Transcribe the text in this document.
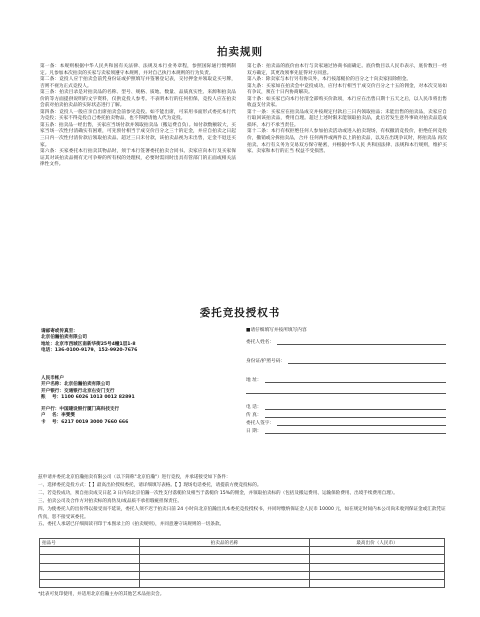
拍卖规则

第一条：本规则根据中华人民共和国有关法律、法规及本行业务章程，参照国际通行惯例制定。凡参加本次拍卖的买家与卖家须遵守本规则，并对自己执行本规则的行为负责。

第二条：竞投人应于拍卖会前凭身份证或护照填写并签署登记表，交付押金并领取竞买号牌，否则不视为正式竞投人。

第三条：拍卖目录是对拍卖品的名称、型号、规格、质地、数量、品质真实性、来源和拍卖品价的等方面提供说明的文字资料，仅供竞投人参考。不表明本行的任何担保，竞投人应在拍卖会前对拍卖拍卖品的实际状态进行了解。

第四条：竞投人一般应亲自出席拍卖会前参见竞投。如不能出席，可采用书面形式委托本行代为竞投；买家不得竞投自己委托拍卖物品，也不得聘请他人代为竞投。

第五条：拍卖品一经出售，买家应当场付款并领取拍卖品（搬运费自负）。如付款数额较大，买家当场一次性付清确实有困难，可先预付相当于成交价百分之三十的定金，并应自拍卖之日起三日内一次性付清价款后领取拍卖品。超过三日未付款，该拍卖品视为未出售，定金不退还买家。

第六条：买家委托本行拍卖其物品时，须于本行签署委托拍卖合同书。卖家应向本行及买家保证其对该拍卖品拥有无可争辩的所有权的处理权，必要时需同时出具有管部门的正面或相关法律性文件。

第七条：拍卖品的底价由本行与卖家通过协商书面确定。底价数目以人民币表示，底价数目一经双方确定，其更改须事先征得对方同意。

第八条：除卖家与本行另有协议外，本行按落槌价的百分之十向卖家扣除佣金。

第九条：买家如在拍卖会中竞投成功，应付本行相当于成交价百分之十五的佣金，对本次交易如有争议，须在十日内协商解决。

第十条：如买家已向本行付清全部购买价款项，本行应在出售日期十五天之后，以人民币将出售收益支付卖家。

第十一条：买家应在拍卖品成交并按规定付款后三日内领取拍品；未能出售的拍卖品，卖家应自行取回该拍卖品，费用自理。超过上述时限未能领取拍卖品，此后若发生意外事故对拍卖品造成损坏，本行不承当责任。

第十二条：本行有权拒绝任何人参加拍卖活动或进入拍卖现场，有权撤消竞投价，拒绝任何竞投价，撤销或分拆拍卖品，合并 任何两件或两件以上的拍卖品，以及在出现争议时，将拍卖品 再次拍卖。本行有义务为交易双方保守秘密，并根据中华人民 共和国法律、法规和本行规则，维护买家、卖家和本行的正当 权益不受损害。

委托竞投授权书
请邮寄或传真至：
北京伯瀚拍卖有限公司
地址：北京市西城区南新华街25号4幢1层1-8
电话：136-0100-9179、152-9920-7676
人民币帐户
开户名称：北京伯瀚拍卖有限公司
开户银行：交通银行北京右安门支行
账    号：1100 6026 1013 0012 82891
开户行：中国建设银行厦门高科技支行
户    名：李雯雯
卡    号：6217 0019 3000 7660 666
■请仔细填写并按所填写内容
委托人姓名：
身份证/护照号码：
地 址：
电 话：
传 真：
委托人签字：
日 期：
兹申请并委托北京伯瀚拍卖有限公司（以下简称"北京伯瀚"）进行竞投，并承诺接受如下条件：
一、选择委托竞投方式：【 】最高出价授权委托，请详细填写表格。【 】现场电话委托，请提前方便竞投标的。
二、若竞投成功，须自拍卖成交日起 3 日内向北京伯瀚一次性支付落槌价及相当于落槌价 15%的佣金，并领取拍卖标的（包括及搬运费用、运输保险费用、出境手续费用自理）。
三、拍卖公司及合作方对拍卖标的真伪及/或品质不承担瑕疵担保责任。
四、为使委托人的出价得以接受而不延误，委托人须不迟于拍卖日前 24 小时向北京伯瀚出具本委托竞投授权书，并同时缴纳保证金人民币 10000 元，如在规定时间内本公司尚未收到保证金或汇款凭证传真，恕不接受该委托。
五、委托人承诺已仔细阅读刊印于本图录上的《拍卖规则》，并同意遵守该规则的一切条款。
拍品号	拍卖品的名称	最高出价（人民币）

*此表可复印使用，并适用北京伯瀚主办的其他艺术品拍卖会。
